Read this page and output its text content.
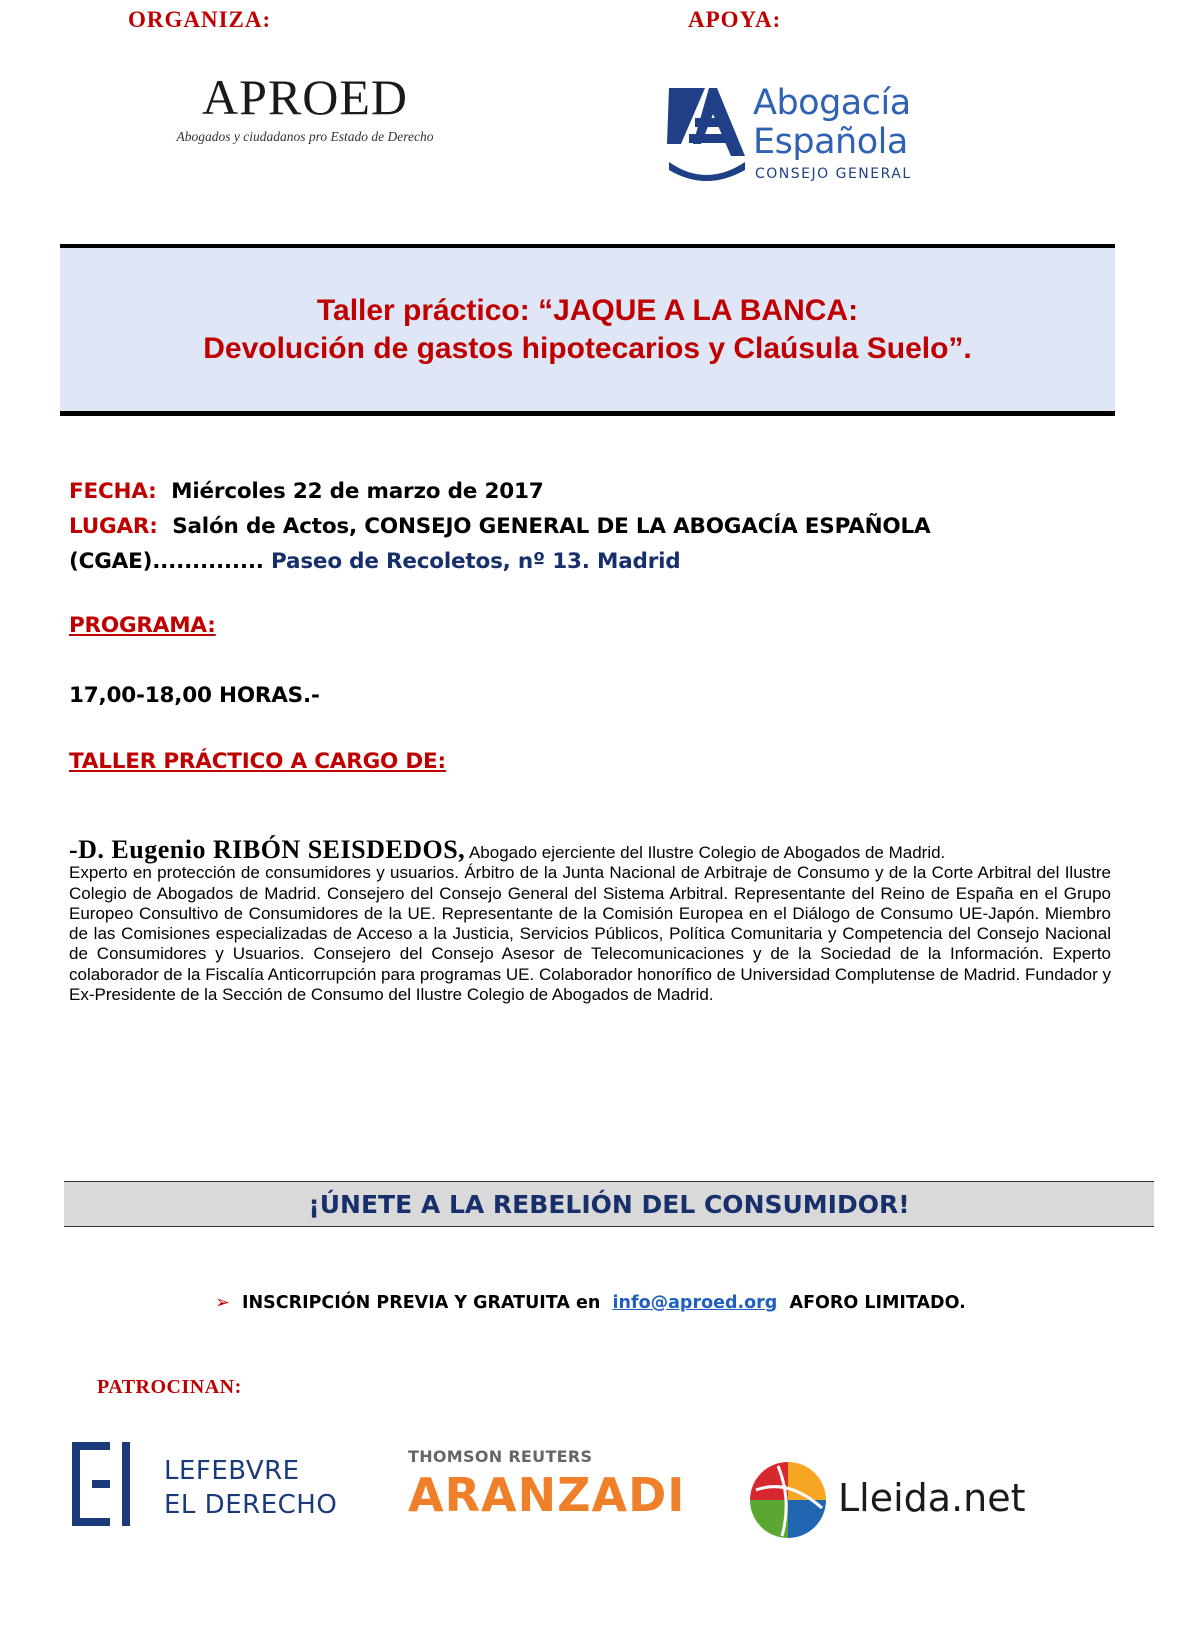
ORGANIZA:	APOYA:
APROED
Abogados y ciudadanos pro Estado de Derecho
Abogacía
Española
CONSEJO GENERAL
Taller práctico: “JAQUE A LA BANCA:
Devolución de gastos hipotecarios y Claúsula Suelo”.
FECHA: Miércoles 22 de marzo de 2017
LUGAR: Salón de Actos, CONSEJO GENERAL DE LA ABOGACÍA ESPAÑOLA
(CGAE).............. Paseo de Recoletos, nº 13. Madrid
PROGRAMA:
17,00-18,00 HORAS.-
TALLER PRÁCTICO A CARGO DE:

-D. Eugenio RIBÓN SEISDEDOS, Abogado ejerciente del Ilustre Colegio de Abogados de Madrid.

Experto en protección de consumidores y usuarios. Árbitro de la Junta Nacional de Arbitraje de Consumo y de la Corte Arbitral del Ilustre Colegio de Abogados de Madrid. Consejero del Consejo General del Sistema Arbitral. Representante del Reino de España en el Grupo Europeo Consultivo de Consumidores de la UE. Representante de la Comisión Europea en el Diálogo de Consumo UE-Japón. Miembro de las Comisiones especializadas de Acceso a la Justicia, Servicios Públicos, Política Comunitaria y Competencia del Consejo Nacional de Consumidores y Usuarios. Consejero del Consejo Asesor de Telecomunicaciones y de la Sociedad de la Información. Experto colaborador de la Fiscalía Anticorrupción para programas UE. Colaborador honorífico de Universidad Complutense de Madrid. Fundador y Ex-Presidente de la Sección de Consumo del Ilustre Colegio de Abogados de Madrid.

¡ÚNETE A LA REBELIÓN DEL CONSUMIDOR!
➢ INSCRIPCIÓN PREVIA Y GRATUITA en info@aproed.org AFORO LIMITADO.
PATROCINAN:
LEFEBVRE
EL DERECHO
THOMSON REUTERS
ARANZADI	Lleida.net
